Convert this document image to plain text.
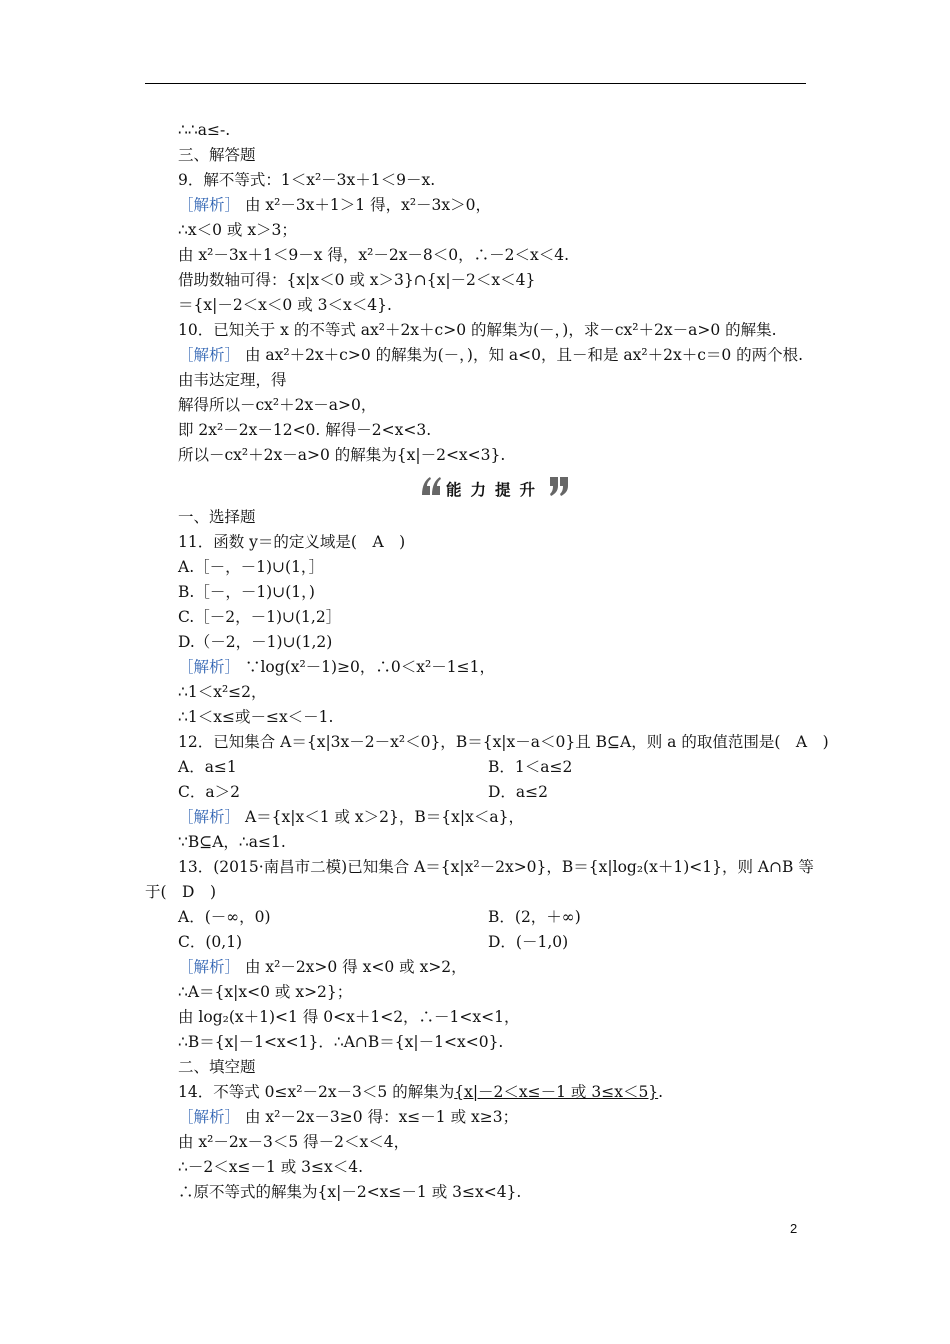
∴∴a≤-.
三、解答题
9．解不等式：1＜x²－3x＋1＜9－x.
［解析］ 由 x²－3x＋1＞1 得，x²－3x＞0，
∴x＜0 或 x＞3；
由 x²－3x＋1＜9－x 得，x²－2x－8＜0，∴－2＜x＜4.
借助数轴可得：{x|x＜0 或 x＞3}∩{x|－2＜x＜4}
＝{x|－2＜x＜0 或 3＜x＜4}.
10．已知关于 x 的不等式 ax²＋2x＋c>0 的解集为(－，)，求－cx²＋2x－a>0 的解集.
［解析］ 由 ax²＋2x＋c>0 的解集为(－，)，知 a<0，且－和是 ax²＋2x＋c＝0 的两个根.
由韦达定理，得
解得所以－cx²＋2x－a>0，
即 2x²－2x－12<0. 解得－2<x<3.
所以－cx²＋2x－a>0 的解集为{x|－2<x<3}.
能力提升
一、选择题
11．函数 y＝的定义域是(　A　)
A.［－，－1)∪(1，］
B.［－，－1)∪(1，)
C.［－2，－1)∪(1,2］
D.（－2，－1)∪(1,2)
［解析］ ∵log(x²－1)≥0，∴0＜x²－1≤1，
∴1＜x²≤2，
∴1＜x≤或－≤x＜－1.
12．已知集合 A＝{x|3x－2－x²＜0}，B＝{x|x－a＜0}且 B⊆A，则 a 的取值范围是(　A　)
A．a≤1	B．1＜a≤2
C．a＞2	D．a≤2
［解析］ A＝{x|x＜1 或 x＞2}，B＝{x|x＜a}，
∵B⊆A，∴a≤1.
13．(2015·南昌市二模)已知集合 A＝{x|x²－2x>0}，B＝{x|log₂(x＋1)<1}，则 A∩B 等
于(　D　)
A．(－∞，0)	B．(2，＋∞)
C．(0,1)	D．(－1,0)
［解析］ 由 x²－2x>0 得 x<0 或 x>2，
∴A＝{x|x<0 或 x>2}；
由 log₂(x＋1)<1 得 0<x＋1<2，∴－1<x<1，
∴B＝{x|－1<x<1}．∴A∩B＝{x|－1<x<0}.
二、填空题
14．不等式 0≤x²－2x－3＜5 的解集为{x|－2＜x≤－1 或 3≤x＜5}.
［解析］ 由 x²－2x－3≥0 得：x≤－1 或 x≥3；
由 x²－2x－3＜5 得－2＜x＜4，
∴－2＜x≤－1 或 3≤x＜4.
∴原不等式的解集为{x|－2<x≤－1 或 3≤x<4}.
2
